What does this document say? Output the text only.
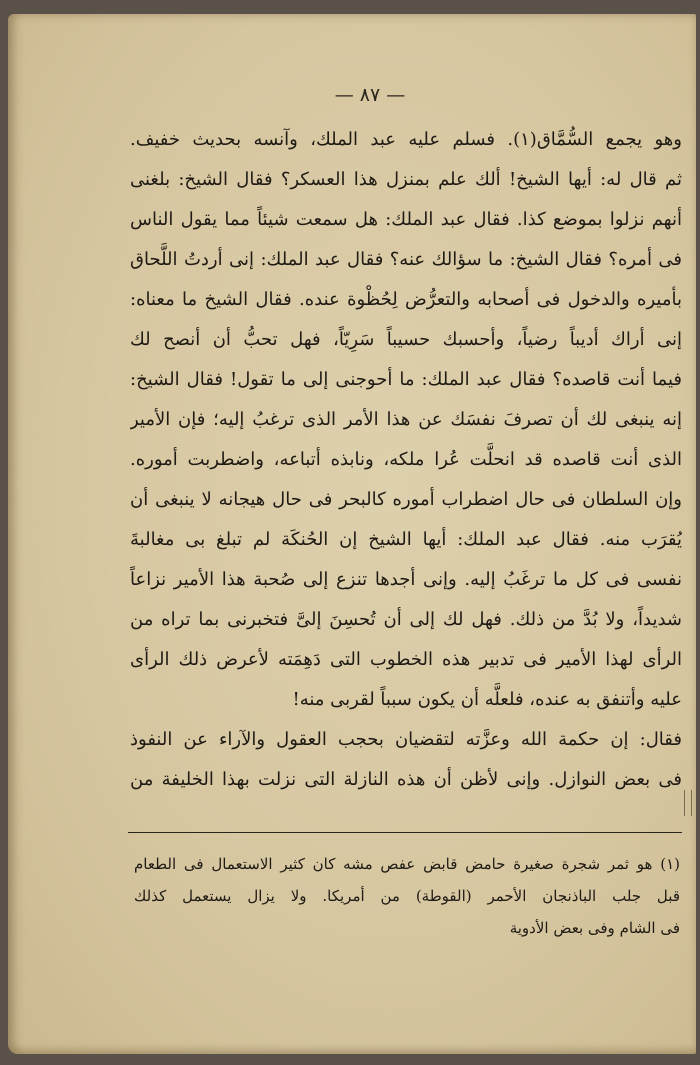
— ٨٧ —
وهو يجمع السُّمَّاق(١). فسلم عليه عبد الملك، وآنسه بحديث خفيف.
ثم قال له: أيها الشيخ! ألك علم بمنزل هذا العسكر؟ فقال الشيخ: بلغنى
أنهم نزلوا بموضع كذا. فقال عبد الملك: هل سمعت شيئاً مما يقول الناس
فى أمره؟ فقال الشيخ: ما سؤالك عنه؟ فقال عبد الملك: إنى أردتُ اللَّحاق
بأميره والدخول فى أصحابه والتعرُّض لِحُظْوة عنده. فقال الشيخ ما معناه:
إنى أراك أديباً رضياً، وأحسبك حسيباً سَرِيّاً، فهل تحبُّ أن أنصح لك
فيما أنت قاصده؟ فقال عبد الملك: ما أحوجنى إلى ما تقول! فقال الشيخ:
إنه ينبغى لك أن تصرفَ نفسَك عن هذا الأمر الذى ترغبُ إليه؛ فإن الأمير
الذى أنت قاصده قد انحلَّت عُرا ملكه، ونابذه أتباعه، واضطربت أموره.
وإن السلطان فى حال اضطراب أموره كالبحر فى حال هيجانه لا ينبغى أن
يُقرَب منه. فقال عبد الملك: أيها الشيخ إن الحُنكَة لم تبلغ بى مغالبةَ
نفسى فى كل ما ترغَبُ إليه. وإنى أجدها تنزع إلى صُحبة هذا الأمير نزاعاً
شديداً، ولا بُدَّ من ذلك. فهل لك إلى أن تُحسِنَ إلىَّ فتخبرنى بما تراه من
الرأى لهذا الأمير فى تدبير هذه الخطوب التى دَهِمَته لأعرض ذلك الرأى
عليه وأتنفق به عنده، فلعلَّه أن يكون سبباً لقربى منه!
فقال: إن حكمة الله وعزَّته لتقضيان بحجب العقول والآراء عن النفوذ
فى بعض النوازل. وإنى لأظن أن هذه النازلة التى نزلت بهذا الخليفة من
(١) هو ثمر شجرة صغيرة حامض قابض عفص مشه كان كثير الاستعمال فى الطعام
قبل جلب الباذنجان الأحمر (القوطة) من أمريكا. ولا يزال يستعمل كذلك
فى الشام وفى بعض الأدوية
